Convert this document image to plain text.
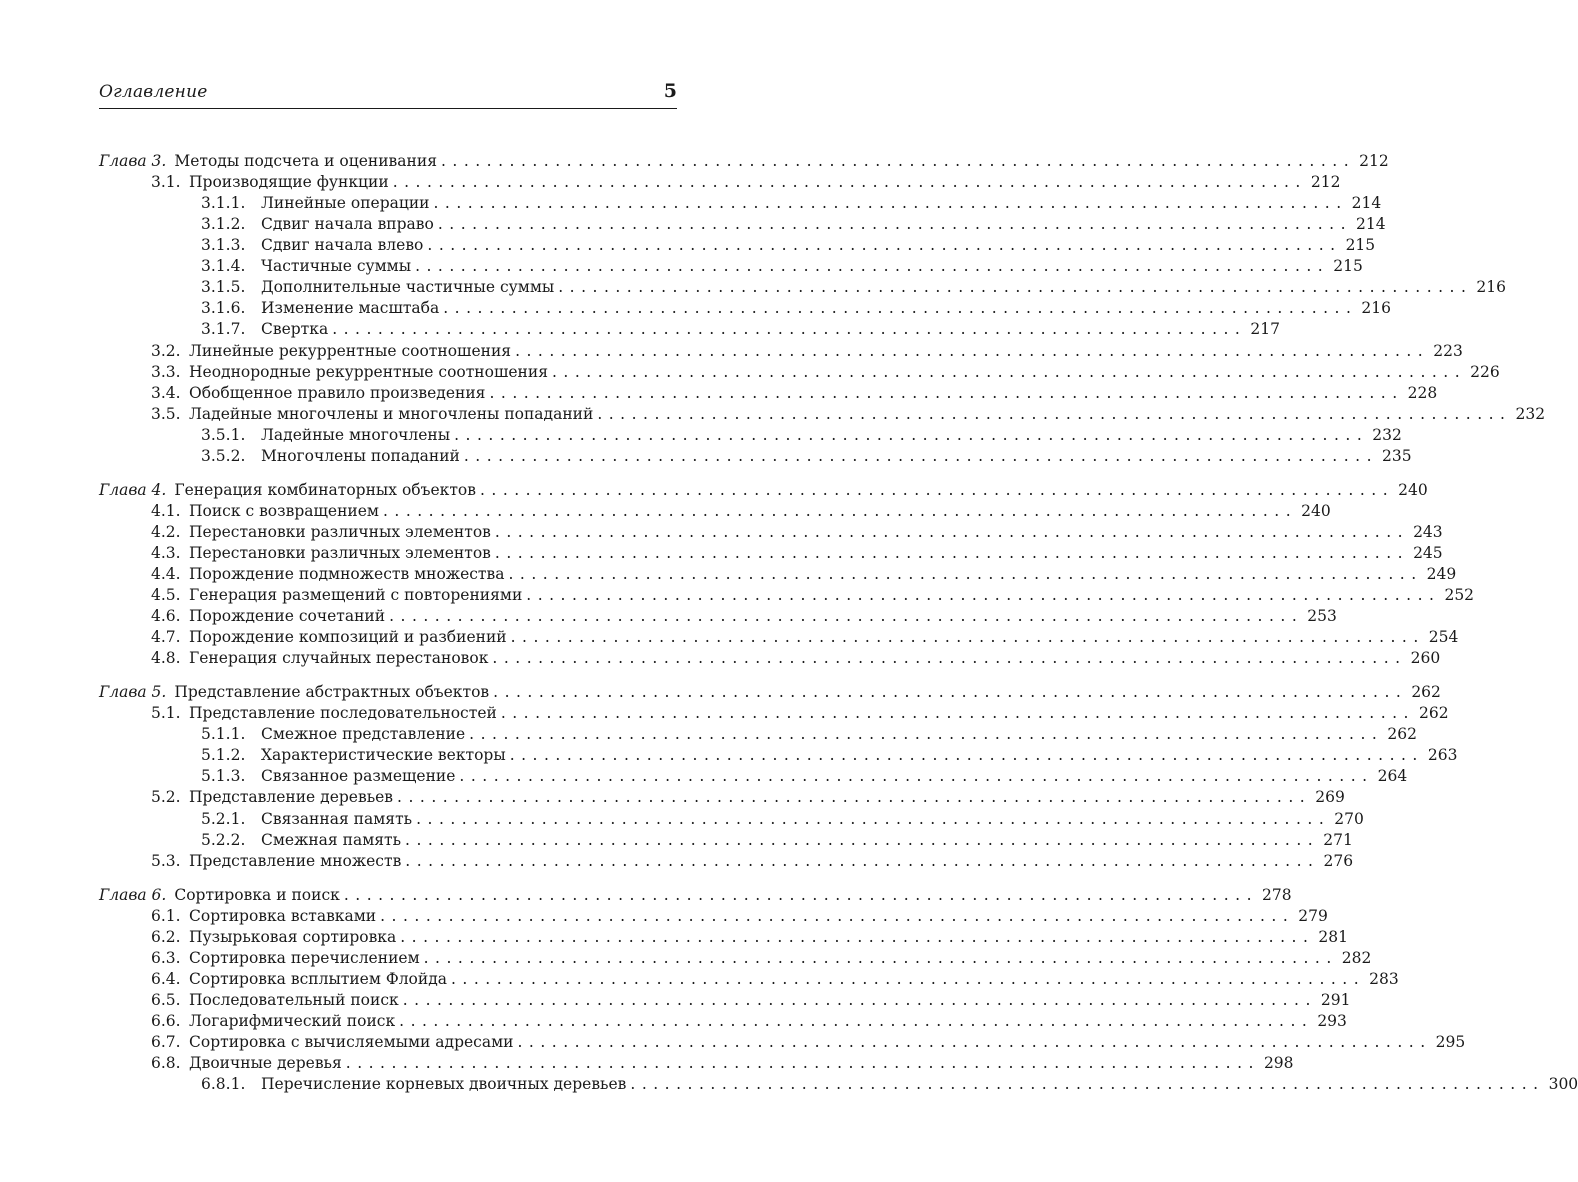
Оглавление	5
Глава 3. Методы подсчета и оценивания ................................................................................ 212
3.1. Производящие функции ................................................................................ 212
3.1.1.	Линейные операции ................................................................................ 214
3.1.2.	Сдвиг начала вправо ................................................................................ 214
3.1.3.	Сдвиг начала влево ................................................................................ 215
3.1.4.	Частичные суммы ................................................................................ 215
3.1.5.	Дополнительные частичные суммы ................................................................................ 216
3.1.6.	Изменение масштаба ................................................................................ 216
3.1.7.	Свертка ................................................................................ 217
3.2. Линейные рекуррентные соотношения ................................................................................ 223
3.3. Неоднородные рекуррентные соотношения ................................................................................ 226
3.4. Обобщенное правило произведения ................................................................................ 228
3.5. Ладейные многочлены и многочлены попаданий ................................................................................ 232
3.5.1.	Ладейные многочлены ................................................................................ 232
3.5.2.	Многочлены попаданий ................................................................................ 235
Глава 4. Генерация комбинаторных объектов ................................................................................ 240
4.1. Поиск с возвращением ................................................................................ 240
4.2. Перестановки различных элементов ................................................................................ 243
4.3. Перестановки различных элементов ................................................................................ 245
4.4. Порождение подмножеств множества ................................................................................ 249
4.5. Генерация размещений с повторениями ................................................................................ 252
4.6. Порождение сочетаний ................................................................................ 253
4.7. Порождение композиций и разбиений ................................................................................ 254
4.8. Генерация случайных перестановок ................................................................................ 260
Глава 5. Представление абстрактных объектов ................................................................................ 262
5.1. Представление последовательностей ................................................................................ 262
5.1.1.	Смежное представление ................................................................................ 262
5.1.2.	Характеристические векторы ................................................................................ 263
5.1.3.	Связанное размещение ................................................................................ 264
5.2. Представление деревьев ................................................................................ 269
5.2.1.	Связанная память ................................................................................ 270
5.2.2.	Смежная память ................................................................................ 271
5.3. Представление множеств ................................................................................ 276
Глава 6. Сортировка и поиск ................................................................................ 278
6.1. Сортировка вставками ................................................................................ 279
6.2. Пузырьковая сортировка ................................................................................ 281
6.3. Сортировка перечислением ................................................................................ 282
6.4. Сортировка всплытием Флойда ................................................................................ 283
6.5. Последовательный поиск ................................................................................ 291
6.6. Логарифмический поиск ................................................................................ 293
6.7. Сортировка с вычисляемыми адресами ................................................................................ 295
6.8. Двоичные деревья ................................................................................ 298
6.8.1.	Перечисление корневых двоичных деревьев ................................................................................ 300
